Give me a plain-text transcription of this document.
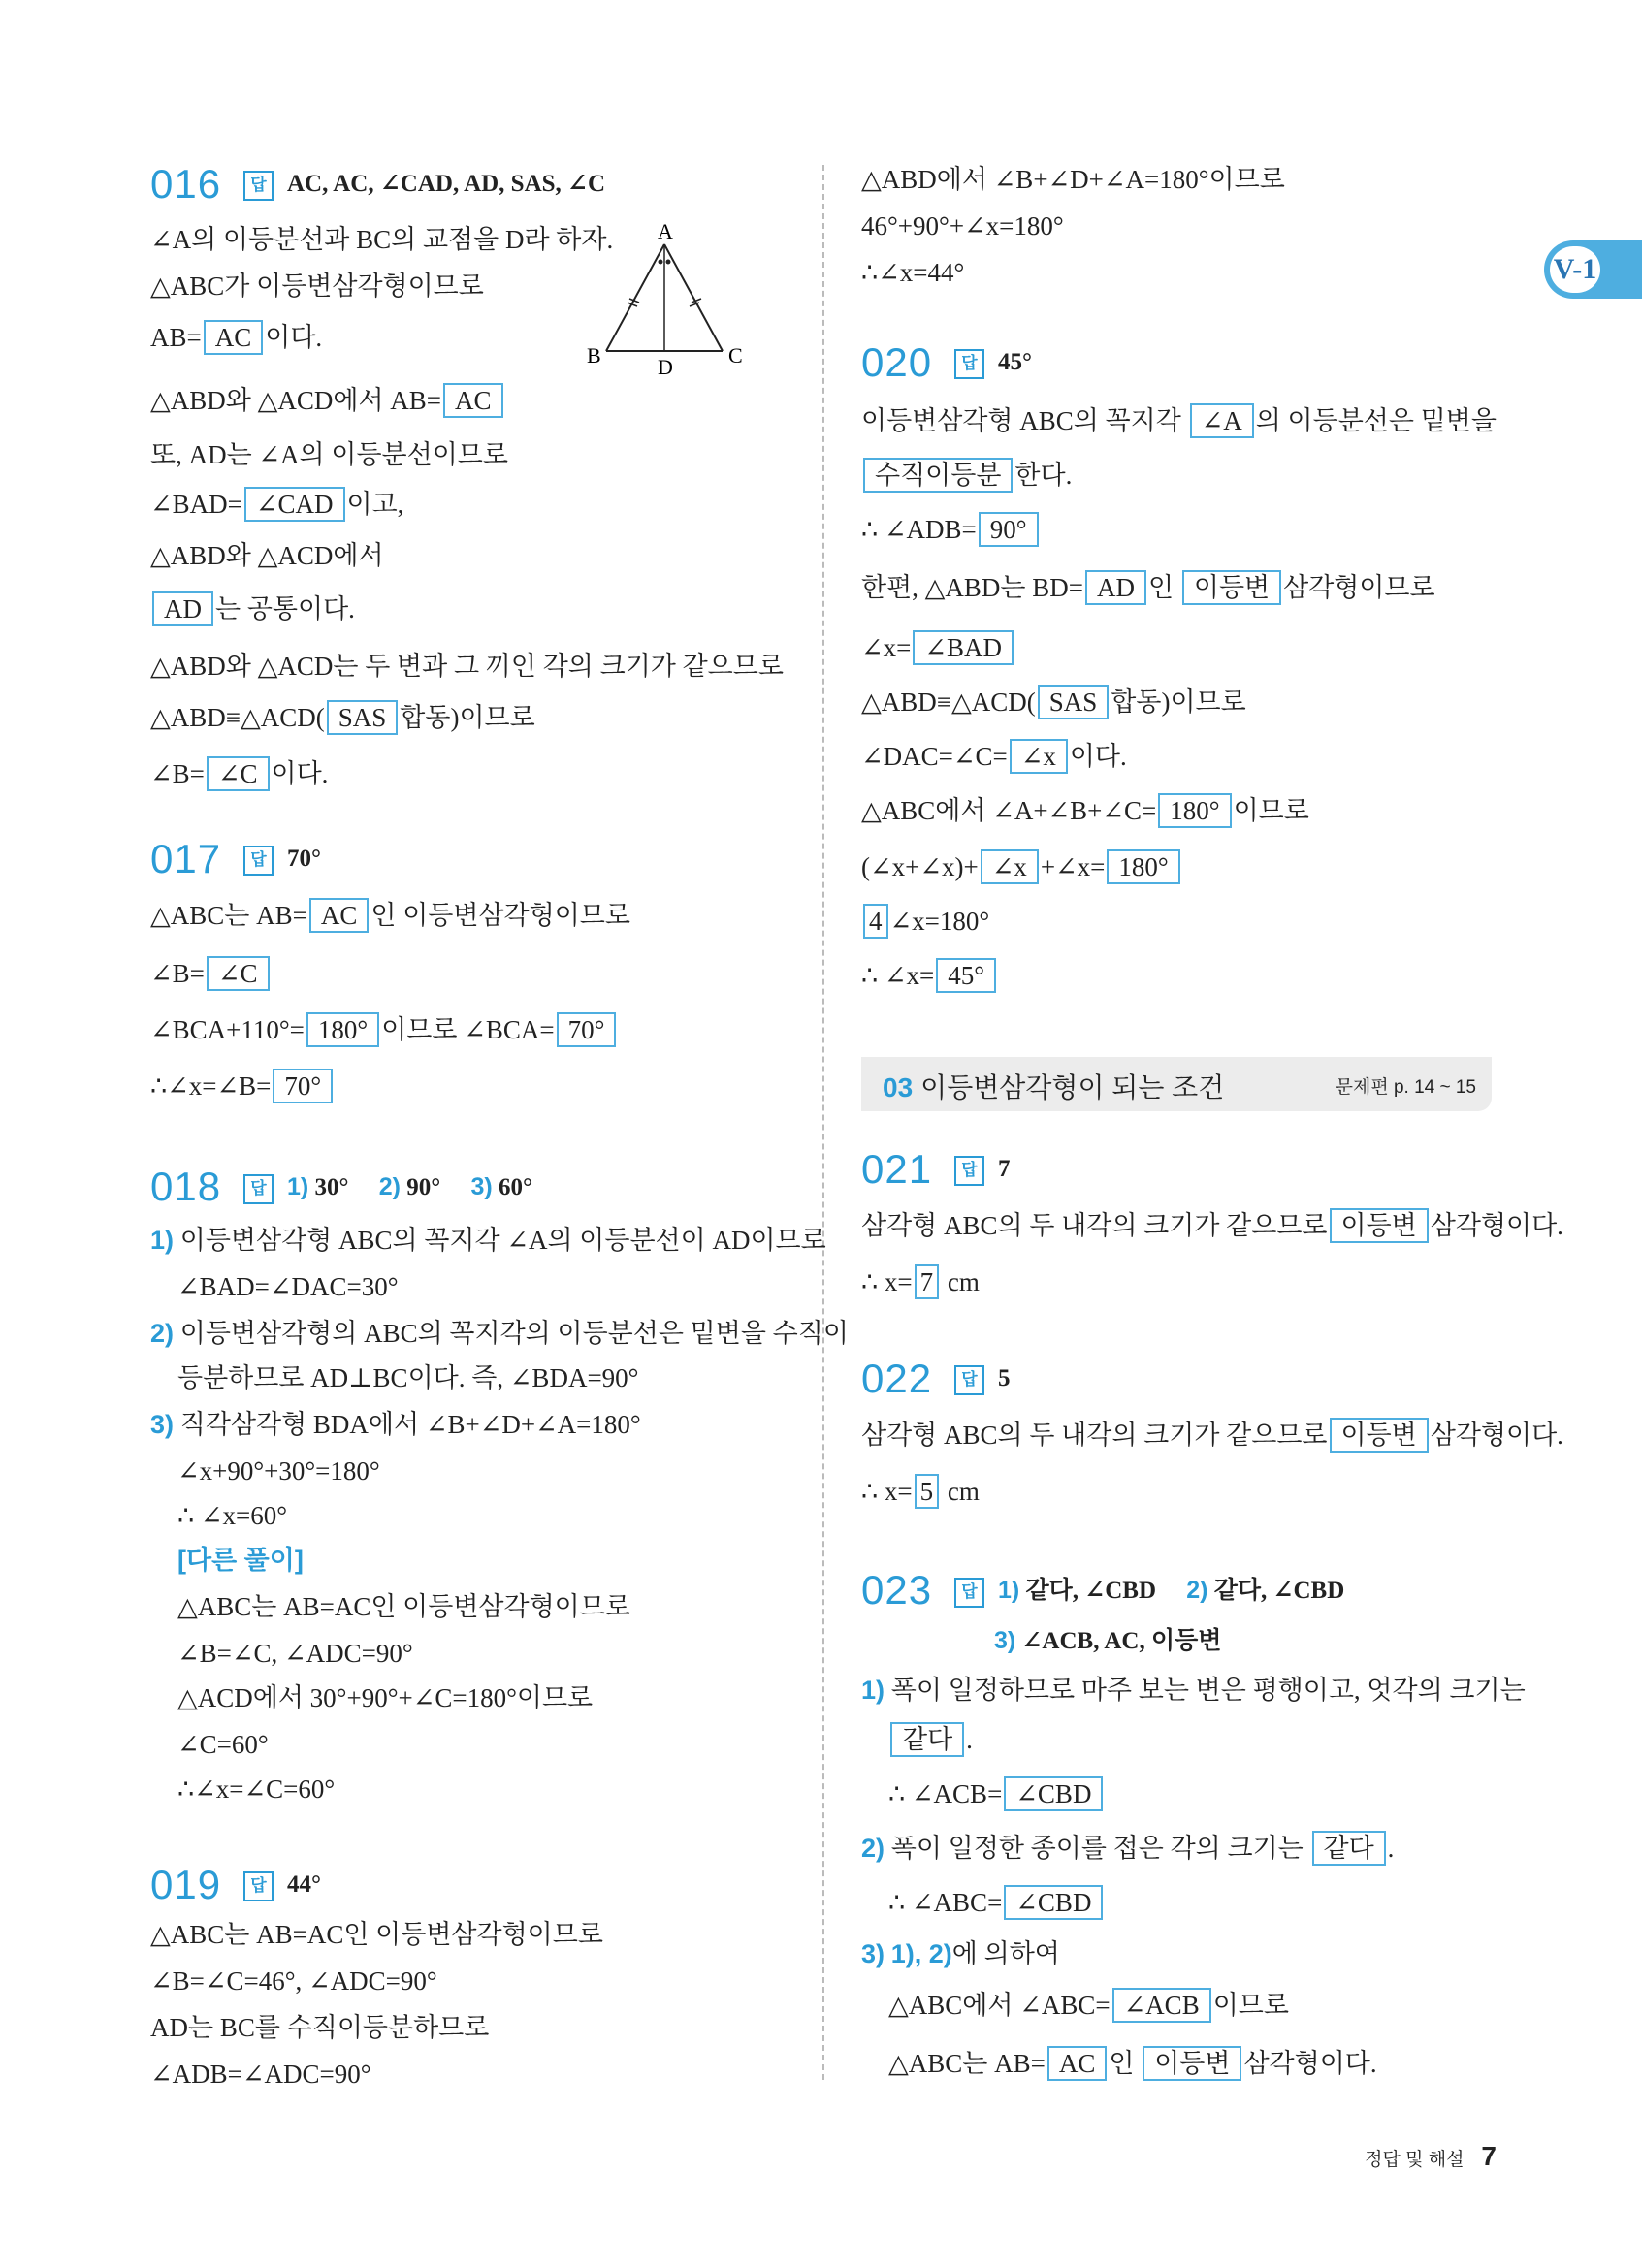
V-1
016	답 AC, AC, ∠CAD, AD, SAS, ∠C
∠A의 이등분선과 BC의 교점을 D라 하자.
△ABC가 이등변삼각형이므로
AB= AC 이다.
△ABD와 △ACD에서 AB= AC
또, AD는 ∠A의 이등분선이므로
∠BAD= ∠CAD 이고,
△ABD와 △ACD에서
AD 는 공통이다.
△ABD와 △ACD는 두 변과 그 끼인 각의 크기가 같으므로
△ABD≡△ACD( SAS 합동)이므로
∠B= ∠C 이다.
A
B	C
D
017	답 70°
△ABC는 AB= AC 인 이등변삼각형이므로
∠B= ∠C
∠BCA+110°= 180° 이므로 ∠BCA= 70°
∴∠x=∠B= 70°
018	답 1) 30° 2) 90° 3) 60°
1) 이등변삼각형 ABC의 꼭지각 ∠A의 이등분선이 AD이므로
∠BAD=∠DAC=30°
2) 이등변삼각형의 ABC의 꼭지각의 이등분선은 밑변을 수직이
등분하므로 AD⊥BC이다. 즉, ∠BDA=90°
3) 직각삼각형 BDA에서 ∠B+∠D+∠A=180°
∠x+90°+30°=180°
∴ ∠x=60°
[다른 풀이]
△ABC는 AB=AC인 이등변삼각형이므로
∠B=∠C, ∠ADC=90°
△ACD에서 30°+90°+∠C=180°이므로
∠C=60°
∴∠x=∠C=60°
019	답 44°
△ABC는 AB=AC인 이등변삼각형이므로
∠B=∠C=46°, ∠ADC=90°
AD는 BC를 수직이등분하므로
∠ADB=∠ADC=90°
△ABD에서 ∠B+∠D+∠A=180°이므로
46°+90°+∠x=180°
∴∠x=44°
020	답 45°
이등변삼각형 ABC의 꼭지각 ∠A 의 이등분선은 밑변을
수직이등분 한다.
∴ ∠ADB= 90°
한편, △ABD는 BD= AD 인 이등변 삼각형이므로
∠x= ∠BAD
△ABD≡△ACD( SAS 합동)이므로
∠DAC=∠C= ∠x 이다.
△ABC에서 ∠A+∠B+∠C= 180° 이므로
(∠x+∠x)+ ∠x +∠x= 180°
4 ∠x=180°
∴ ∠x= 45°
03 이등변삼각형이 되는 조건	문제편 p. 14 ~ 15
021	답 7
삼각형 ABC의 두 내각의 크기가 같으므로 이등변 삼각형이다.
∴ x= 7 cm
022	답 5
삼각형 ABC의 두 내각의 크기가 같으므로 이등변 삼각형이다.
∴ x= 5 cm
023	답 1) 같다, ∠CBD 2) 같다, ∠CBD
3) ∠ACB, AC, 이등변
1) 폭이 일정하므로 마주 보는 변은 평행이고, 엇각의 크기는
같다 .
∴ ∠ACB= ∠CBD
2) 폭이 일정한 종이를 접은 각의 크기는 같다 .
∴ ∠ABC= ∠CBD
3) 1), 2)에 의하여
△ABC에서 ∠ABC= ∠ACB 이므로
△ABC는 AB= AC 인 이등변 삼각형이다.
정답 및 해설 7
